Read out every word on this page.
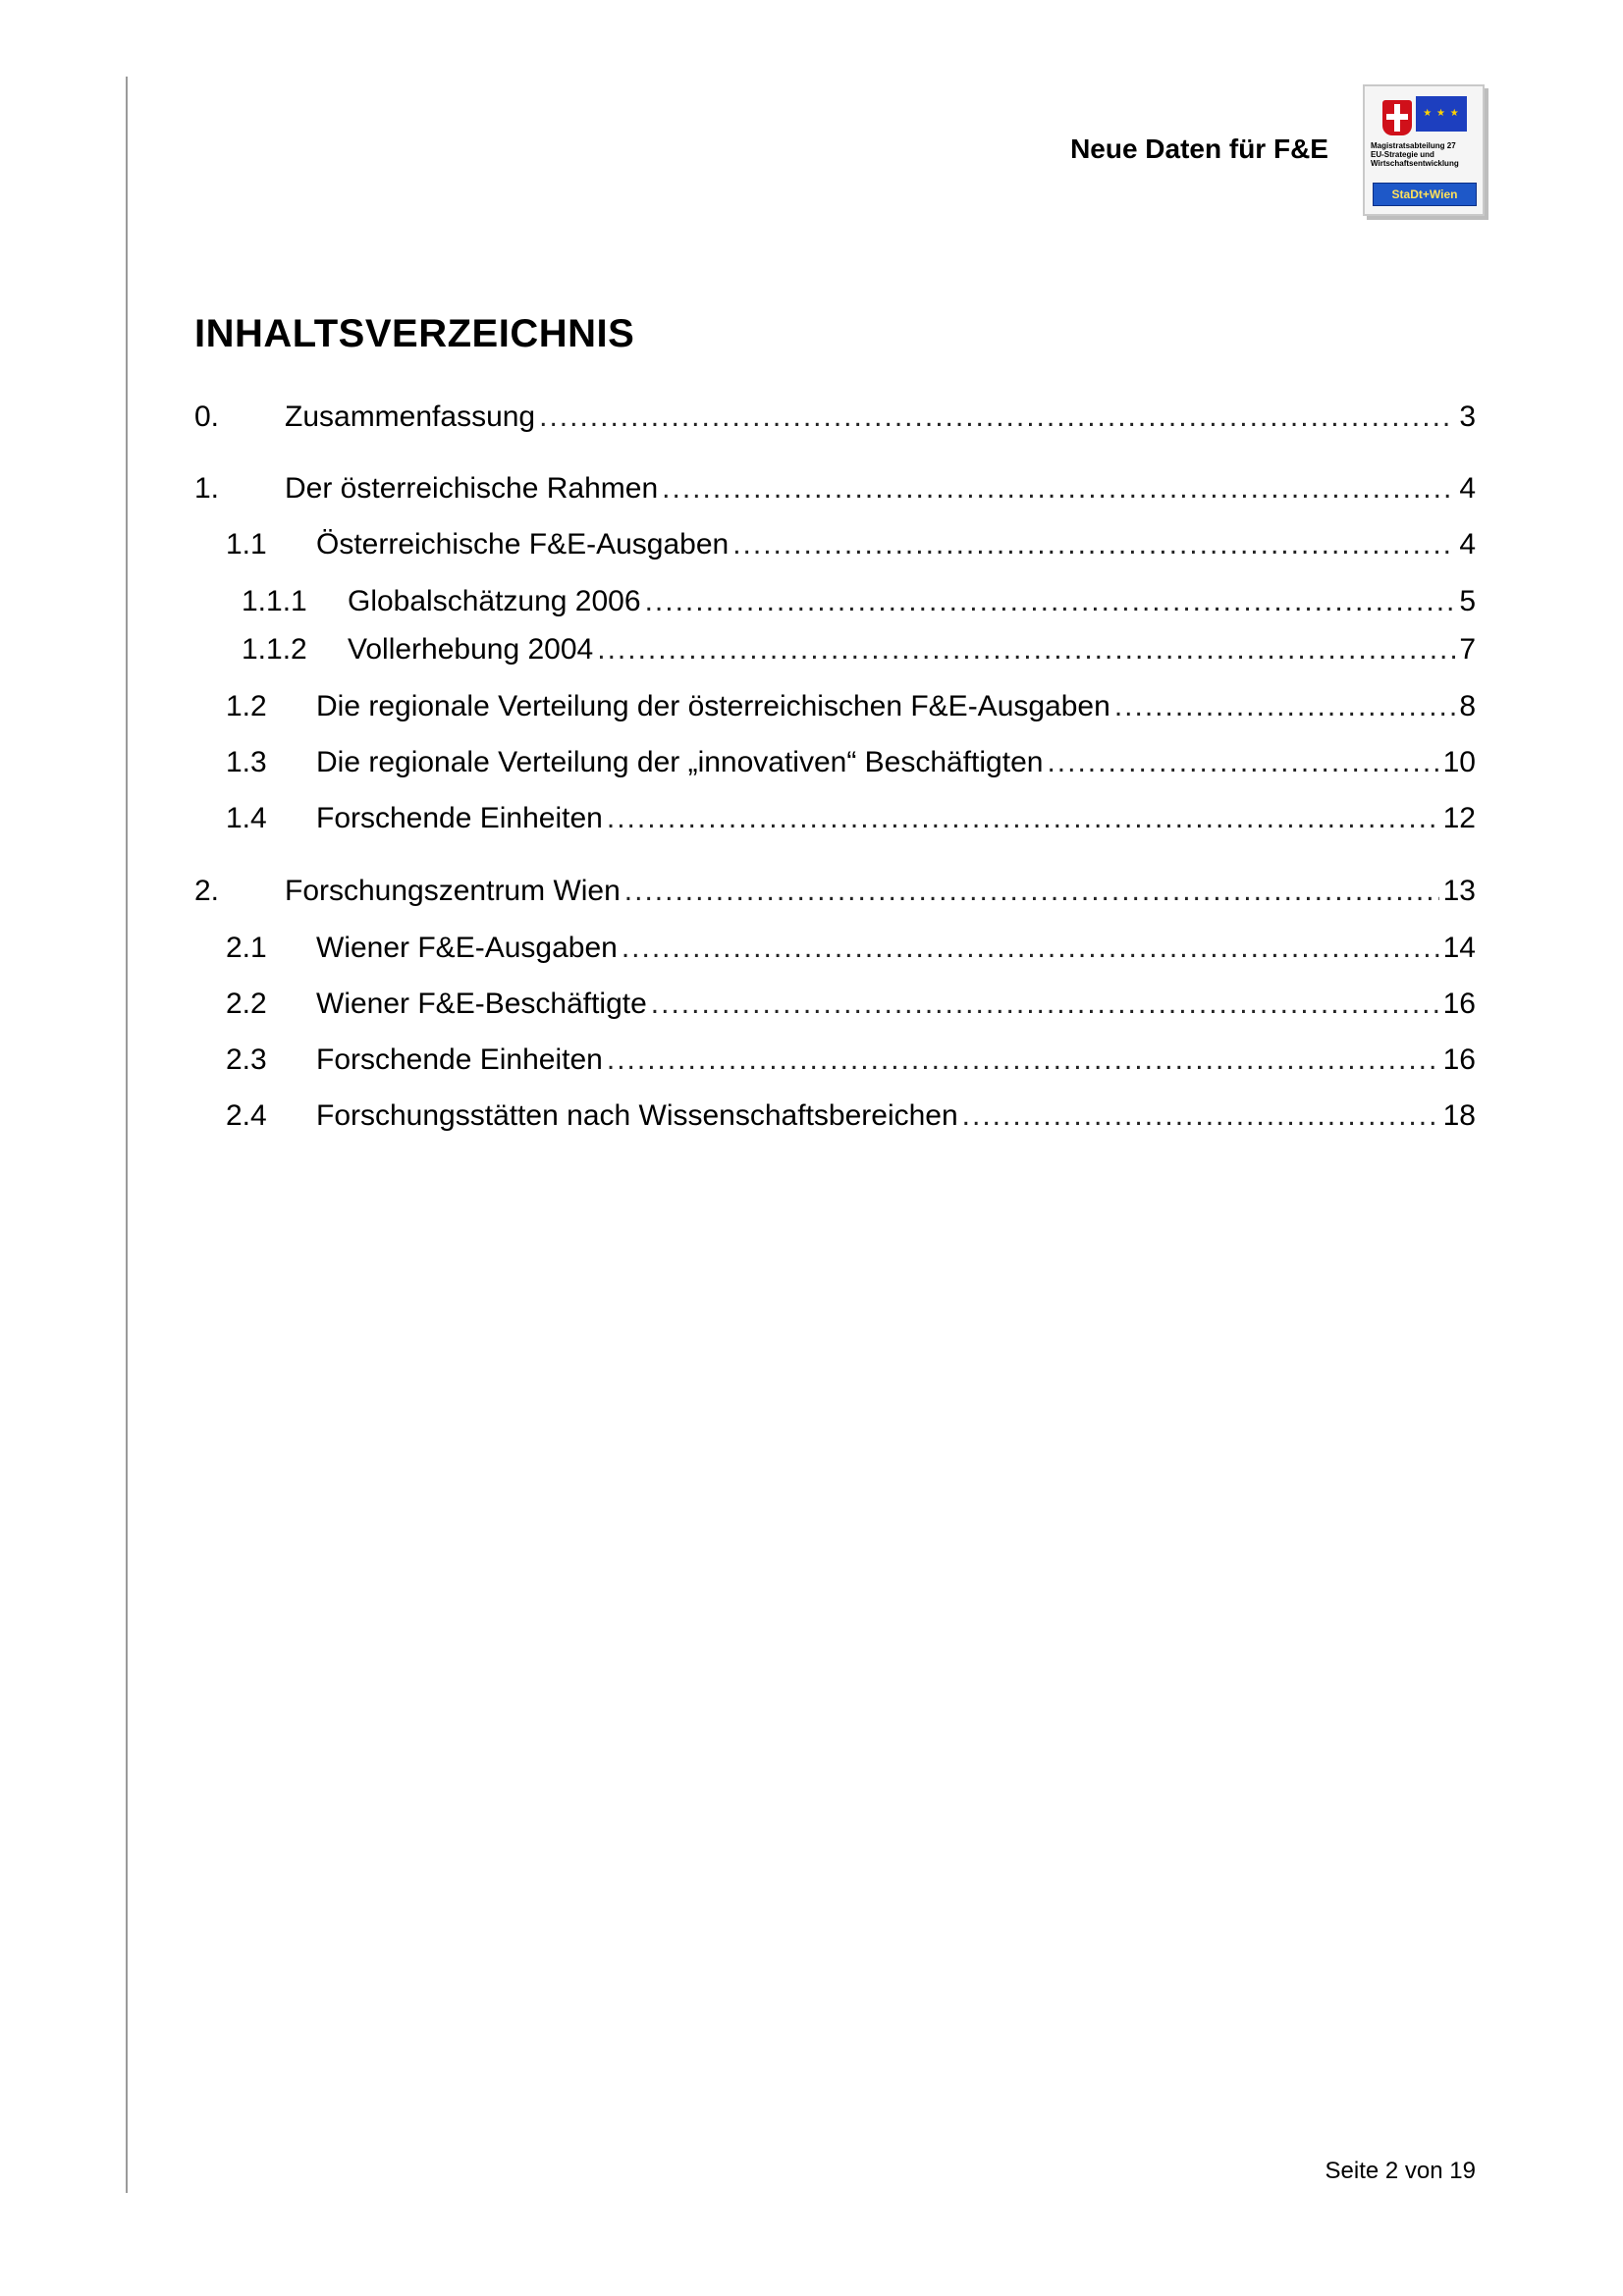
Neue Daten für F&E
★ ★ ★
Magistratsabteilung 27
EU-Strategie und
Wirtschaftsentwicklung
StaDt+Wien
INHALTSVERZEICHNIS
0.	Zusammenfassung .....	3
1.	Der österreichische Rahmen .....	4
1.1	Österreichische F&E-Ausgaben .....	4
1.1.1	Globalschätzung 2006 .....	5
1.1.2	Vollerhebung 2004 .....	7
1.2	Die regionale Verteilung der österreichischen F&E-Ausgaben .....	8
1.3	Die regionale Verteilung der „innovativen“ Beschäftigten .....	10
1.4	Forschende Einheiten .....	12
2.	Forschungszentrum Wien .....	13
2.1	Wiener F&E-Ausgaben .....	14
2.2	Wiener F&E-Beschäftigte .....	16
2.3	Forschende Einheiten .....	16
2.4	Forschungsstätten nach Wissenschaftsbereichen .....	18
Seite 2 von 19
